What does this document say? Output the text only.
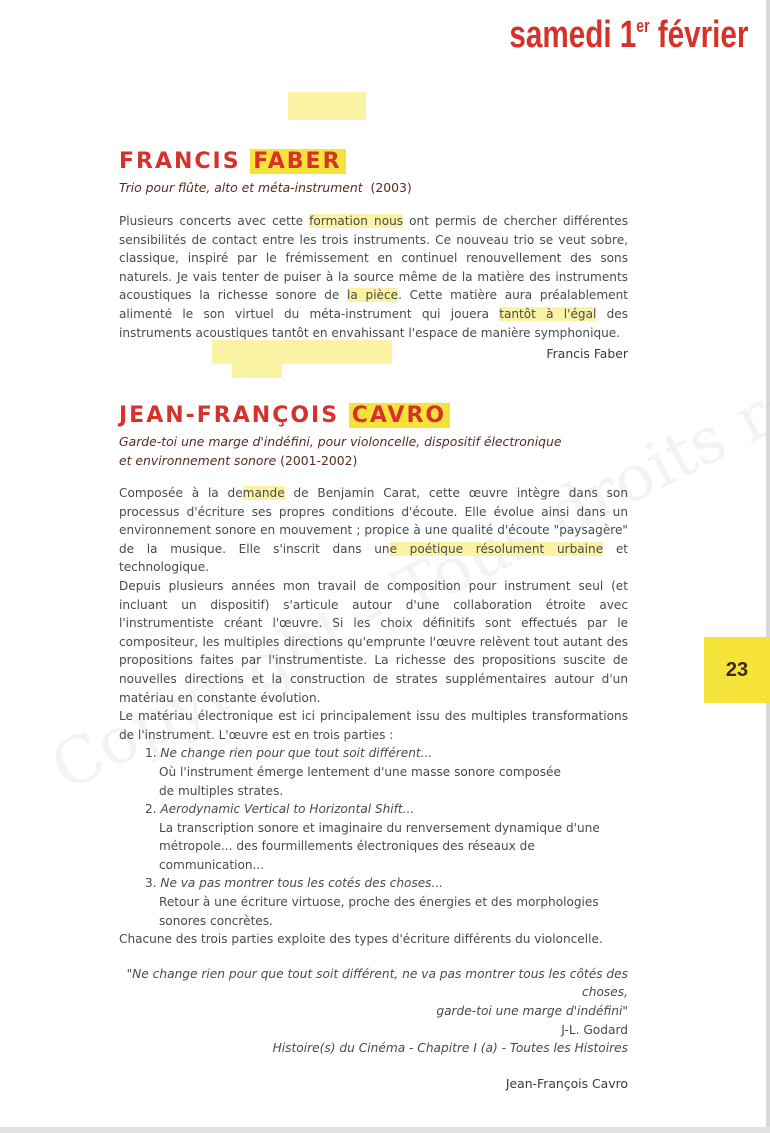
samedi 1er février
23
FRANCIS FABER

Trio pour flûte, alto et méta-instrument (2003)

Plusieurs concerts avec cette formation nous ont permis de chercher différentes sensibilités de contact entre les trois instruments. Ce nouveau trio se veut sobre, classique, inspiré par le frémissement en continuel renouvellement des sons naturels. Je vais tenter de puiser à la source même de la matière des instruments acoustiques la richesse sonore de la pièce. Cette matière aura préalablement alimenté le son virtuel du méta-instrument qui jouera tantôt à l'égal des instruments acoustiques tantôt en envahissant l'espace de manière symphonique.

Francis Faber

JEAN-FRANÇOIS CAVRO

Garde-toi une marge d'indéfini, pour violoncelle, dispositif électronique
et environnement sonore (2001-2002)

Composée à la demande de Benjamin Carat, cette œuvre intègre dans son processus d'écriture ses propres conditions d'écoute. Elle évolue ainsi dans un environnement sonore en mouvement ; propice à une qualité d'écoute "paysagère" de la musique. Elle s'inscrit dans une poétique résolument urbaine et technologique.

Depuis plusieurs années mon travail de composition pour instrument seul (et incluant un dispositif) s'articule autour d'une collaboration étroite avec l'instrumentiste créant l'œuvre. Si les choix définitifs sont effectués par le compositeur, les multiples directions qu'emprunte l'œuvre relèvent tout autant des propositions faites par l'instrumentiste. La richesse des propositions suscite de nouvelles directions et la construction de strates supplémentaires autour d'un matériau en constante évolution.

Le matériau électronique est ici principalement issu des multiples transformations de l'instrument. L'œuvre est en trois parties :

1. Ne change rien pour que tout soit différent...
Où l'instrument émerge lentement d'une masse sonore composée
de multiples strates.
2. Aerodynamic Vertical to Horizontal Shift...
La transcription sonore et imaginaire du renversement dynamique d'une
métropole... des fourmillements électroniques des réseaux de communication...
3. Ne va pas montrer tous les cotés des choses...
Retour à une écriture virtuose, proche des énergies et des morphologies
sonores concrètes.

Chacune des trois parties exploite des types d'écriture différents du violoncelle.

"Ne change rien pour que tout soit différent, ne va pas montrer tous les côtés des choses,

garde-toi une marge d'indéfini"

J-L. Godard

Histoire(s) du Cinéma - Chapitre I (a) - Toutes les Histoires

Jean-François Cavro
